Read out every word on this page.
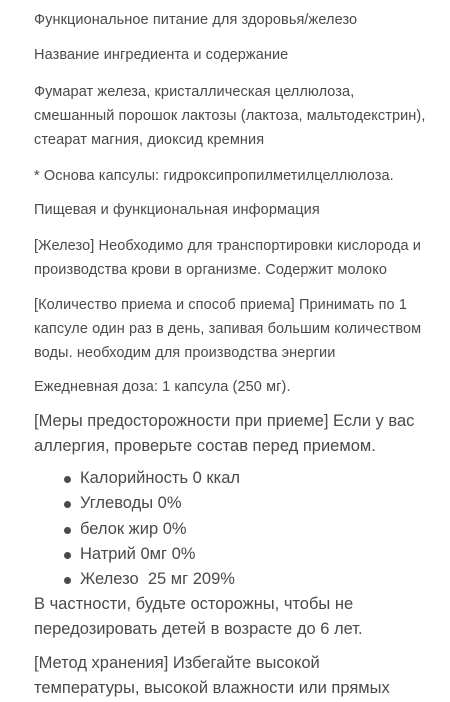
Функциональное питание для здоровья/железо

Название ингредиента и содержание

Фумарат железа, кристаллическая целлюлоза,

смешанный порошок лактозы (лактоза, мальтодекстрин),

стеарат магния, диоксид кремния

* Основа капсулы: гидроксипропилметилцеллюлоза.

Пищевая и функциональная информация

[Железо] Необходимо для транспортировки кислорода и

производства крови в организме. Содержит молоко

[Количество приема и способ приема] Принимать по 1

капсуле один раз в день, запивая большим количеством

воды. необходим для производства энергии

Ежедневная доза: 1 капсула (250 мг).

[Меры предосторожности при приеме] Если у вас

аллергия, проверьте состав перед приемом.

Калорийность 0 ккал
Углеводы 0%
белок жир 0%
Натрий 0мг 0%
Железо  25 мг 209%

В частности, будьте осторожны, чтобы не

передозировать детей в возрасте до 6 лет.

[Метод хранения] Избегайте высокой

температуры, высокой влажности или прямых
